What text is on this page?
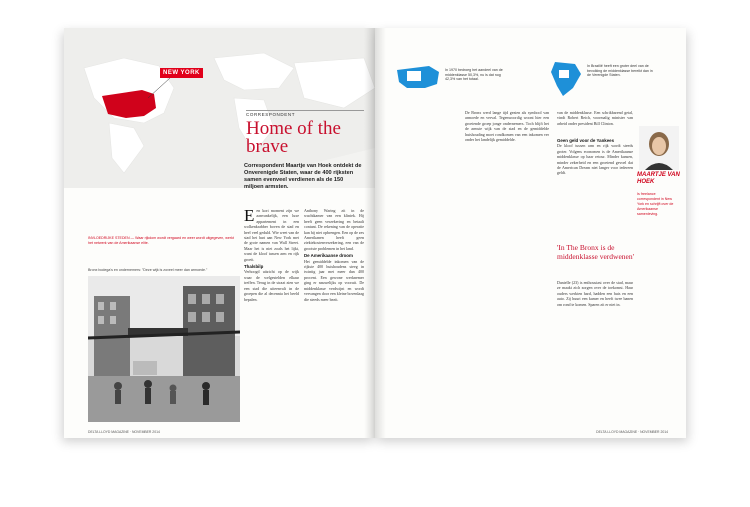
NEW YORK
INVLOEDRIJKE STEDEN — Waar rijkdom wordt vergaard en weer wordt uitgegeven, werkt het netwerk van de Amerikaanse elite.
CORRESPONDENT
Home of the brave
Correspondent Maartje van Hoek ontdekt de Onverenigde Staten, waar de 400 rijksten samen evenveel verdienen als de 150 miljoen armsten.
E en kort moment zijn we aanvankelijk, een luxe appartement in een wolkenkrabber boven de stad en heel veel geduld. Wie weet van de stad het hart aan New York met de grote namen van Wall Street. Maar het is niet zoals het lijkt, want de kloof tussen arm en rijk groeit.
Thalsbilp
Verhoogd uitzicht op de wijk waar de welgestelden elkaar treffen. Terug in de straat zien we een stad die uiteenvalt in de groepen die al decennia het beeld bepalen.
Anthony Waring zit in de wachtkamer van een kliniek. Hij heeft geen verzekering en betaalt contant. De rekening van de operatie kan hij niet opbrengen. Een op de zes Amerikanen heeft geen ziektekostenverzekering, een van de grootste problemen in het land.
De Amerikaanse droom
Het gemiddelde inkomen van de rijkste 400 huishoudens steeg in twintig jaar met meer dan 400 procent. Een gewone werknemer ging er nauwelijks op vooruit. De middenklasse verdwijnt en wordt vervangen door een kleine bovenlaag die steeds meer bezit.
Bronx bodega's en ondernemers: "Deze wijk is zoveel meer dan armoede."
DELTA LLOYD MAGAZINE · NOVEMBER 2014
In 1970 bedroeg het aandeel van de middenklasse 50,3%, nu is dat nog 42,3% van het totaal.
In Brazilië heeft een groter deel van de bevolking de middenklasse bereikt dan in de Verenigde Staten.
van de middenklasse. Een schrikbarend getal, vindt Robert Reich, voormalig minister van arbeid onder president Bill Clinton.
Geen geld voor de Yankees
De kloof tussen arm en rijk wordt steeds groter. Volgens economen is de Amerikaanse middenklasse op haar retour. Minder kansen, minder zekerheid en een groeiend gevoel dat de American Dream niet langer voor iedereen geldt.
'In The Bronx is de middenklasse verdwenen'
Danielle (23) is enthousiast over de stad, maar ze maakt zich zorgen over de toekomst. Haar ouders werkten hard, hadden een huis en een auto. Zij huurt een kamer en heeft twee banen om rond te komen. Sparen zit er niet in.
MAARTJE VAN HOEK
Is freelance correspondent in New York en schrijft over de Amerikaanse samenleving.
De Bronx werd lange tijd gezien als symbool van armoede en verval. Tegenwoordig woont hier een groeiende groep jonge ondernemers. Toch blijft het de armste wijk van de stad en de gemiddelde huishouding moet rondkomen van een inkomen ver onder het landelijk gemiddelde.
DELTA LLOYD MAGAZINE · NOVEMBER 2014
